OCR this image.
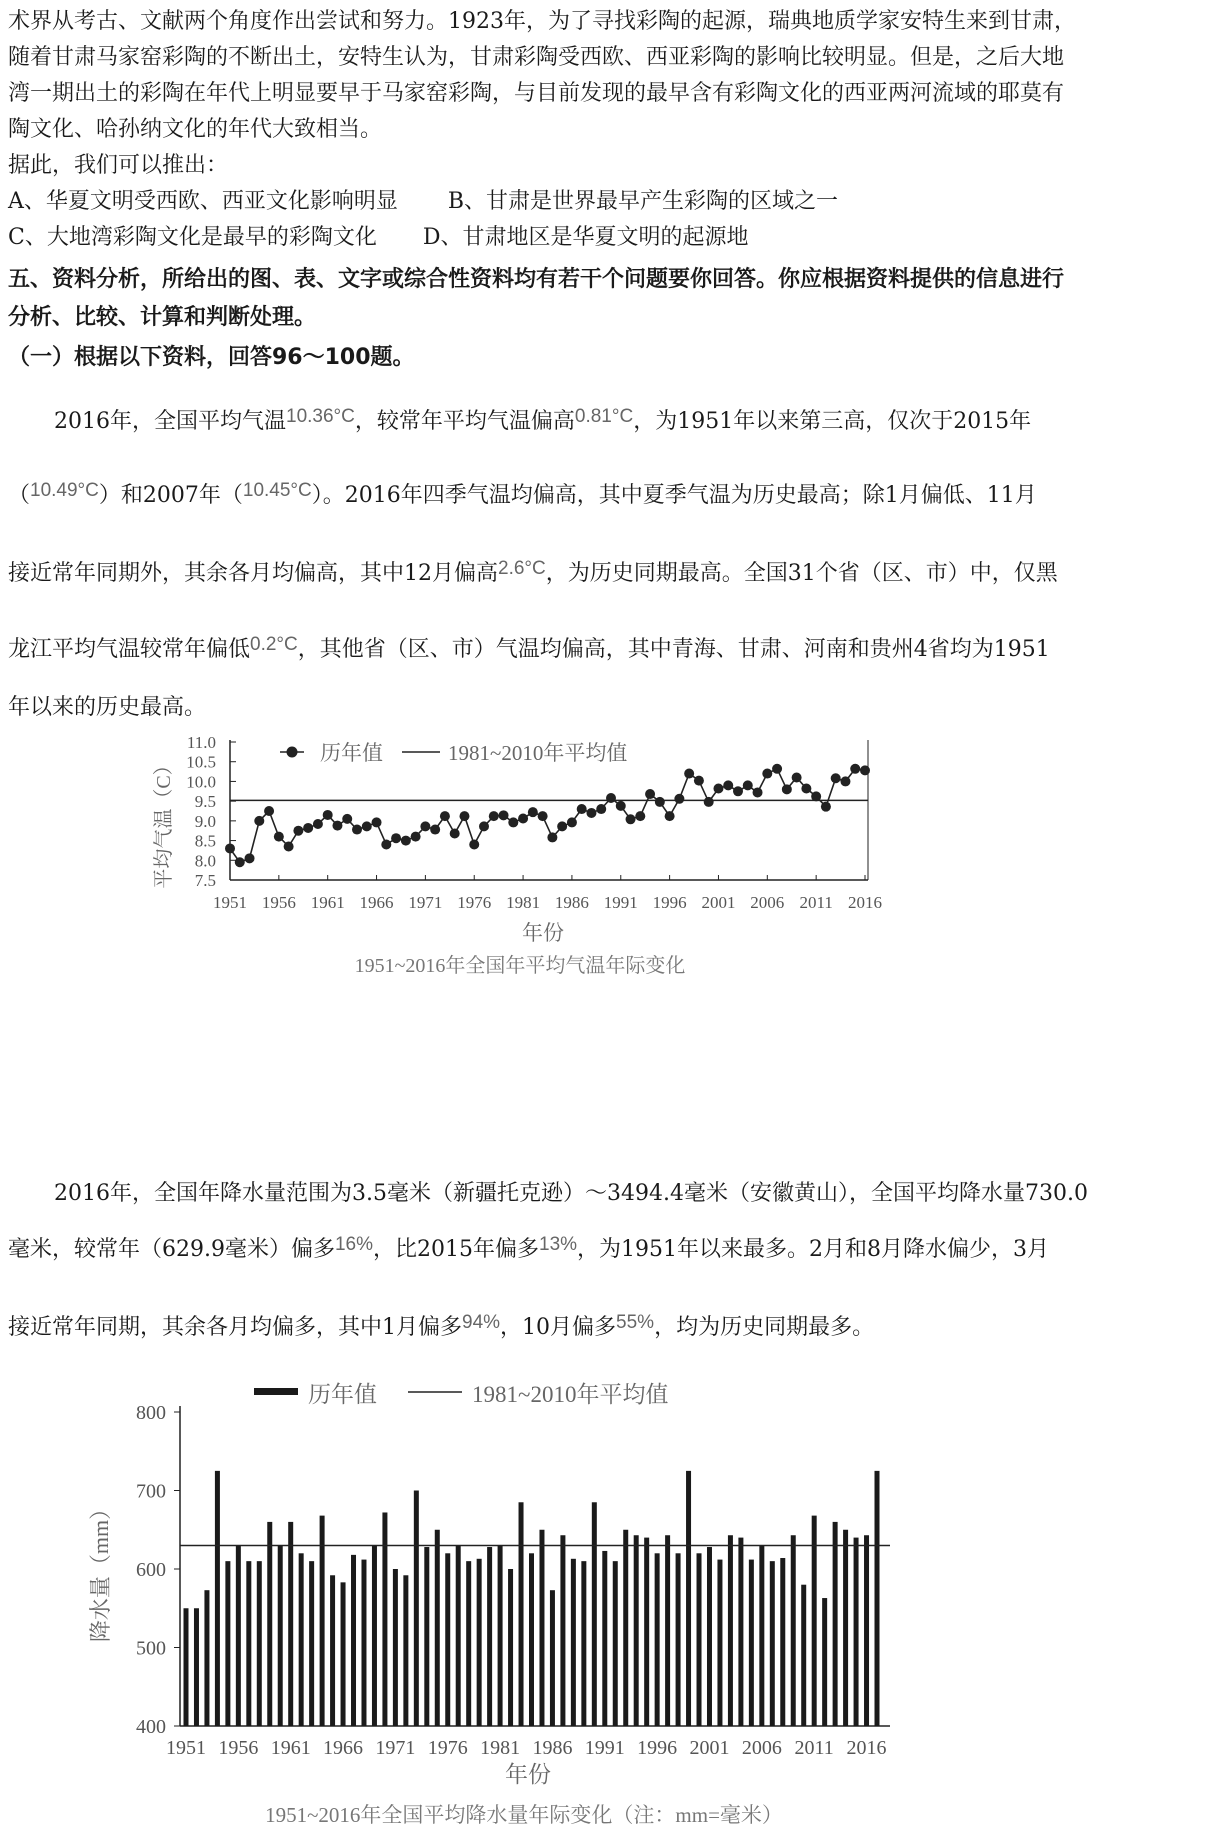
术界从考古、文献两个角度作出尝试和努力。1923年，为了寻找彩陶的起源，瑞典地质学家安特生来到甘肃，
随着甘肃马家窑彩陶的不断出土，安特生认为，甘肃彩陶受西欧、西亚彩陶的影响比较明显。但是，之后大地
湾一期出土的彩陶在年代上明显要早于马家窑彩陶，与目前发现的最早含有彩陶文化的西亚两河流域的耶莫有
陶文化、哈孙纳文化的年代大致相当。
据此，我们可以推出：
A、华夏文明受西欧、西亚文化影响明显 B、甘肃是世界最早产生彩陶的区域之一
C、大地湾彩陶文化是最早的彩陶文化 D、甘肃地区是华夏文明的起源地
五、资料分析，所给出的图、表、文字或综合性资料均有若干个问题要你回答。你应根据资料提供的信息进行
分析、比较、计算和判断处理。
（一）根据以下资料，回答96～100题。
2016年，全国平均气温10.36°C，较常年平均气温偏高0.81°C，为1951年以来第三高，仅次于2015年
（10.49°C）和2007年（10.45°C）。2016年四季气温均偏高，其中夏季气温为历史最高；除1月偏低、11月
接近常年同期外，其余各月均偏高，其中12月偏高2.6°C，为历史同期最高。全国31个省（区、市）中，仅黑
龙江平均气温较常年偏低0.2°C，其他省（区、市）气温均偏高，其中青海、甘肃、河南和贵州4省均为1951
年以来的历史最高。
11.0
10.5
10.0
9.5
9.0
8.5
8.0
7.5
1951 1956 1961 1966 1971 1976 1981 1986 1991 1996 2001 2006 2011 2016
历年值	1981~2010年平均值
平均气温（C）
年份
1951~2016年全国年平均气温年际变化
2016年，全国年降水量范围为3.5毫米（新疆托克逊）～3494.4毫米（安徽黄山），全国平均降水量730.0
毫米，较常年（629.9毫米）偏多16%，比2015年偏多13%，为1951年以来最多。2月和8月降水偏少，3月
接近常年同期，其余各月均偏多，其中1月偏多94%，10月偏多55%，均为历史同期最多。
800
700
600
500
400
1951 1956 1961 1966 1971 1976 1981 1986 1991 1996 2001 2006 2011 2016
历年值	1981~2010年平均值
降水量（mm）
年份
1951~2016年全国平均降水量年际变化（注：mm=毫米）
